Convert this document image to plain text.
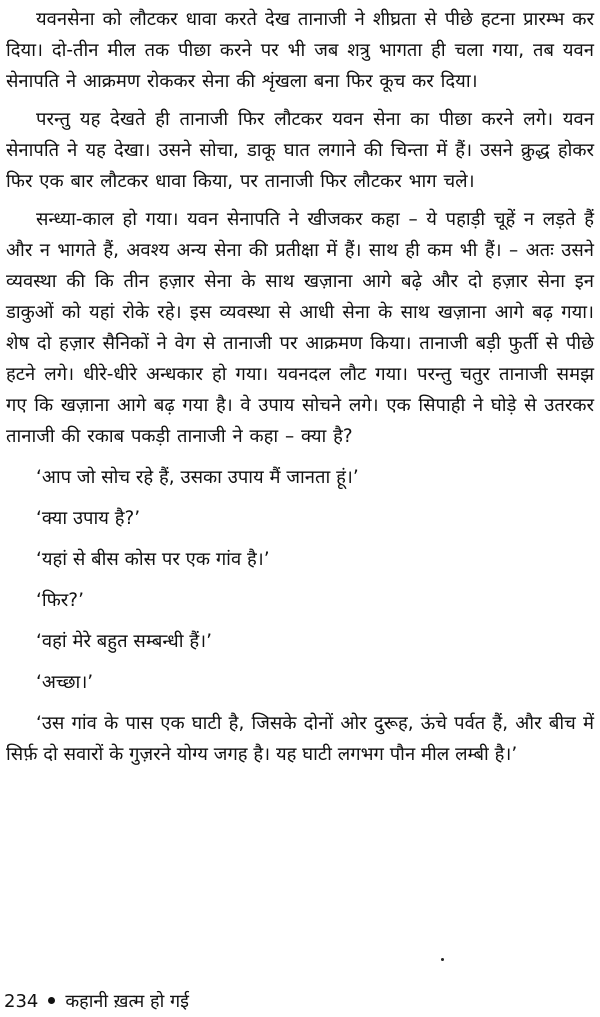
यवनसेना को लौटकर धावा करते देख तानाजी ने शीघ्रता से पीछे हटना प्रारम्भ कर दिया। दो-तीन मील तक पीछा करने पर भी जब शत्रु भागता ही चला गया, तब यवन सेनापति ने आक्रमण रोककर सेना की शृंखला बना फिर कूच कर दिया।

परन्तु यह देखते ही तानाजी फिर लौटकर यवन सेना का पीछा करने लगे। यवन सेनापति ने यह देखा। उसने सोचा, डाकू घात लगाने की चिन्ता में हैं। उसने क्रुद्ध होकर फिर एक बार लौटकर धावा किया, पर तानाजी फिर लौटकर भाग चले।

सन्ध्या-काल हो गया। यवन सेनापति ने खीजकर कहा – ये पहाड़ी चूहें न लड़ते हैं और न भागते हैं, अवश्य अन्य सेना की प्रतीक्षा में हैं। साथ ही कम भी हैं। – अतः उसने व्यवस्था की कि तीन हज़ार सेना के साथ खज़ाना आगे बढ़े और दो हज़ार सेना इन डाकुओं को यहां रोके रहे। इस व्यवस्था से आधी सेना के साथ खज़ाना आगे बढ़ गया। शेष दो हज़ार सैनिकों ने वेग से तानाजी पर आक्रमण किया। तानाजी बड़ी फुर्ती से पीछे हटने लगे। धीरे-धीरे अन्धकार हो गया। यवनदल लौट गया। परन्तु चतुर तानाजी समझ गए कि खज़ाना आगे बढ़ गया है। वे उपाय सोचने लगे। एक सिपाही ने घोड़े से उतरकर तानाजी की रकाब पकड़ी तानाजी ने कहा – क्या है?

‘आप जो सोच रहे हैं, उसका उपाय मैं जानता हूं।’

‘क्या उपाय है?’

‘यहां से बीस कोस पर एक गांव है।’

‘फिर?’

‘वहां मेरे बहुत सम्बन्धी हैं।’

‘अच्छा।’

‘उस गांव के पास एक घाटी है, जिसके दोनों ओर दुरूह, ऊंचे पर्वत हैं, और बीच में सिर्फ़ दो सवारों के गुज़रने योग्य जगह है। यह घाटी लगभग पौन मील लम्बी है।’

234 कहानी ख़त्म हो गई
